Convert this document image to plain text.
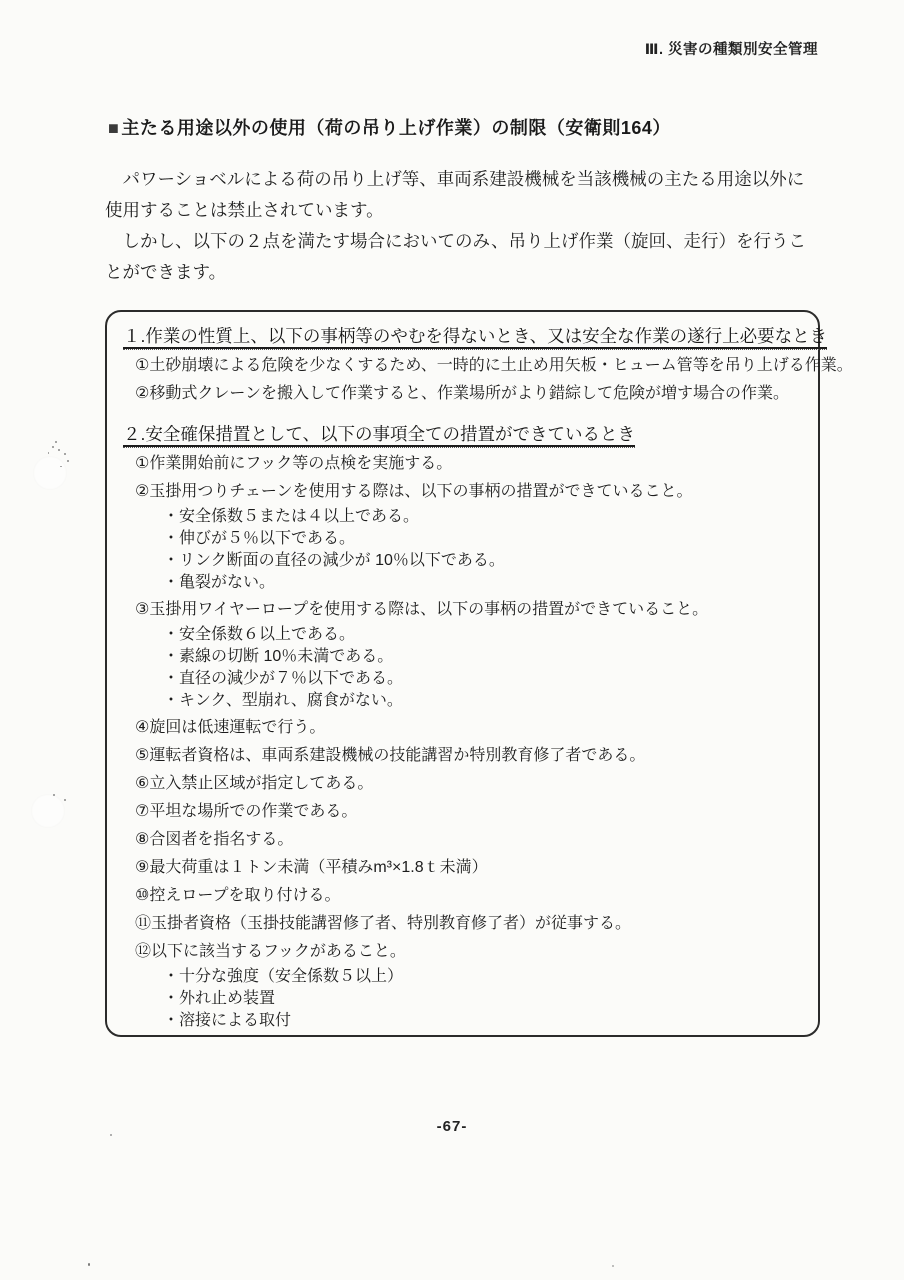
Ⅲ. 災害の種類別安全管理
■ 主たる用途以外の使用（荷の吊り上げ作業）の制限（安衛則164）

パワーショベルによる荷の吊り上げ等、車両系建設機械を当該機械の主たる用途以外に使用することは禁止されています。

しかし、以下の２点を満たす場合においてのみ、吊り上げ作業（旋回、走行）を行うことができます。

１.作業の性質上、以下の事柄等のやむを得ないとき、又は安全な作業の遂行上必要なとき
①土砂崩壊による危険を少なくするため、一時的に土止め用矢板・ヒューム管等を吊り上げる作業。
②移動式クレーンを搬入して作業すると、作業場所がより錯綜して危険が増す場合の作業。
２.安全確保措置として、以下の事項全ての措置ができているとき
①作業開始前にフック等の点検を実施する。
②玉掛用つりチェーンを使用する際は、以下の事柄の措置ができていること。
・安全係数５または４以上である。
・伸びが５％以下である。
・リンク断面の直径の減少が 10％以下である。
・亀裂がない。
③玉掛用ワイヤーロープを使用する際は、以下の事柄の措置ができていること。
・安全係数６以上である。
・素線の切断 10％未満である。
・直径の減少が７％以下である。
・キンク、型崩れ、腐食がない。
④旋回は低速運転で行う。
⑤運転者資格は、車両系建設機械の技能講習か特別教育修了者である。
⑥立入禁止区域が指定してある。
⑦平坦な場所での作業である。
⑧合図者を指名する。
⑨最大荷重は１トン未満（平積みm³×1.8ｔ未満）
⑩控えロープを取り付ける。
⑪玉掛者資格（玉掛技能講習修了者、特別教育修了者）が従事する。
⑫以下に該当するフックがあること。
・十分な強度（安全係数５以上）
・外れ止め装置
・溶接による取付
-67-
